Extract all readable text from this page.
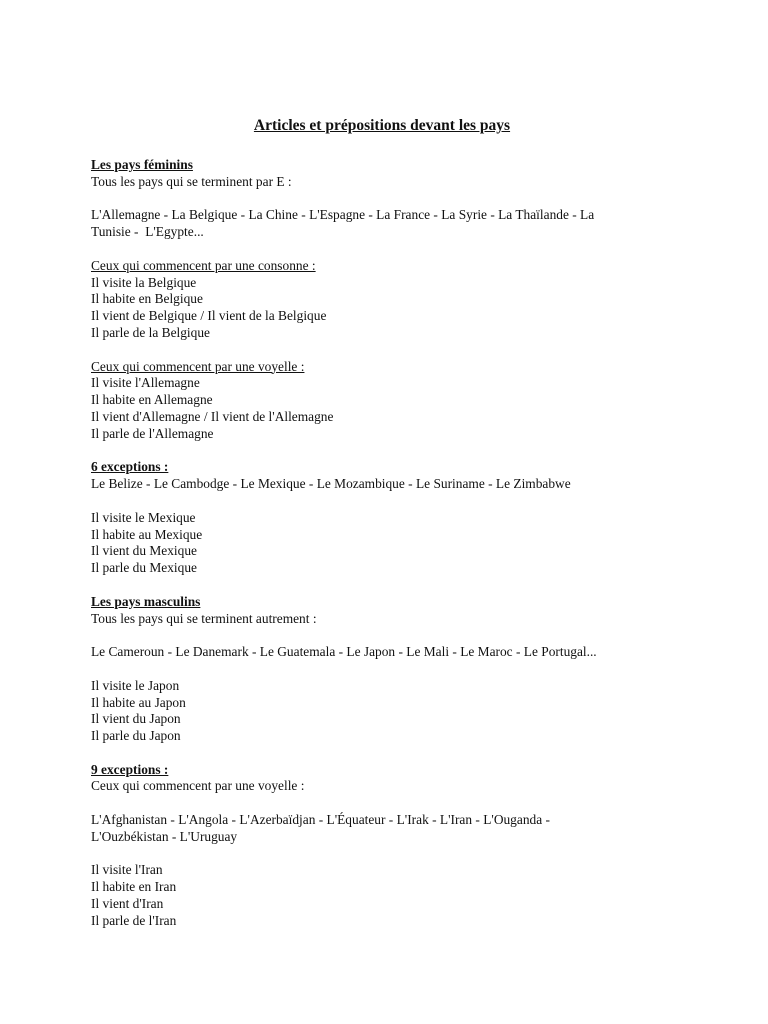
Articles et prépositions devant les pays
Les pays féminins
Tous les pays qui se terminent par E :
L'Allemagne - La Belgique - La Chine - L'Espagne - La France - La Syrie - La Thaïlande - La
Tunisie -  L'Egypte...
Ceux qui commencent par une consonne :
Il visite la Belgique
Il habite en Belgique
Il vient de Belgique / Il vient de la Belgique
Il parle de la Belgique
Ceux qui commencent par une voyelle :
Il visite l'Allemagne
Il habite en Allemagne
Il vient d'Allemagne / Il vient de l'Allemagne
Il parle de l'Allemagne
6 exceptions :
Le Belize - Le Cambodge - Le Mexique - Le Mozambique - Le Suriname - Le Zimbabwe
Il visite le Mexique
Il habite au Mexique
Il vient du Mexique
Il parle du Mexique
Les pays masculins
Tous les pays qui se terminent autrement :
Le Cameroun - Le Danemark - Le Guatemala - Le Japon - Le Mali - Le Maroc - Le Portugal...
Il visite le Japon
Il habite au Japon
Il vient du Japon
Il parle du Japon
9 exceptions :
Ceux qui commencent par une voyelle :
L'Afghanistan - L'Angola - L'Azerbaïdjan - L'Équateur - L'Irak - L'Iran - L'Ouganda -
L'Ouzbékistan - L'Uruguay
Il visite l'Iran
Il habite en Iran
Il vient d'Iran
Il parle de l'Iran
